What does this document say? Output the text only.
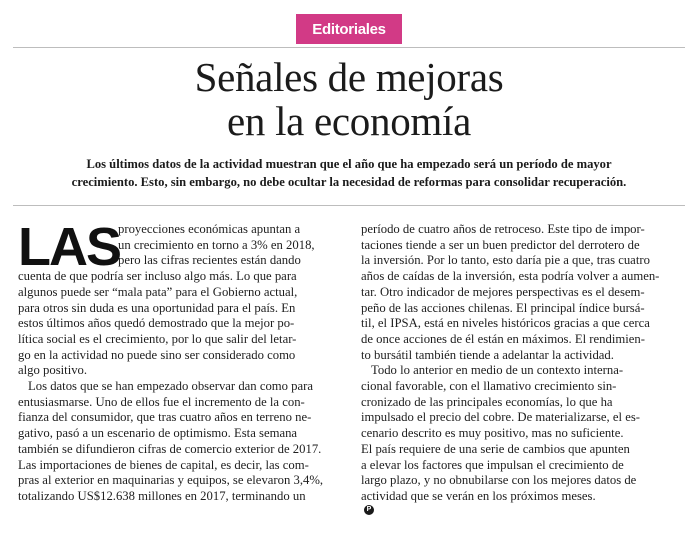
Editoriales
Señales de mejoras
en la economía

Los últimos datos de la actividad muestran que el año que ha empezado será un período de mayor
crecimiento. Esto, sin embargo, no debe ocultar la necesidad de reformas para consolidar recuperación.

LAS
proyecciones económicas apuntan a
un crecimiento en torno a 3% en 2018,
pero las cifras recientes están dando
cuenta de que podría ser incluso algo más. Lo que para
algunos puede ser “mala pata” para el Gobierno actual,
para otros sin duda es una oportunidad para el país. En
estos últimos años quedó demostrado que la mejor po-
lítica social es el crecimiento, por lo que salir del letar-
go en la actividad no puede sino ser considerado como
algo positivo.
Los datos que se han empezado observar dan como para
entusiasmarse. Uno de ellos fue el incremento de la con-
fianza del consumidor, que tras cuatro años en terreno ne-
gativo, pasó a un escenario de optimismo. Esta semana
también se difundieron cifras de comercio exterior de 2017.
Las importaciones de bienes de capital, es decir, las com-
pras al exterior en maquinarias y equipos, se elevaron 3,4%,
totalizando US$12.638 millones en 2017, terminando un
período de cuatro años de retroceso. Este tipo de impor-
taciones tiende a ser un buen predictor del derrotero de
la inversión. Por lo tanto, esto daría pie a que, tras cuatro
años de caídas de la inversión, esta podría volver a aumen-
tar. Otro indicador de mejores perspectivas es el desem-
peño de las acciones chilenas. El principal índice bursá-
til, el IPSA, está en niveles históricos gracias a que cerca
de once acciones de él están en máximos. El rendimien-
to bursátil también tiende a adelantar la actividad.
Todo lo anterior en medio de un contexto interna-
cional favorable, con el llamativo crecimiento sin-
cronizado de las principales economías, lo que ha
impulsado el precio del cobre. De materializarse, el es-
cenario descrito es muy positivo, mas no suficiente.
El país requiere de una serie de cambios que apunten
a elevar los factores que impulsan el crecimiento de
largo plazo, y no obnubilarse con los mejores datos de
actividad que se verán en los próximos meses.
P
